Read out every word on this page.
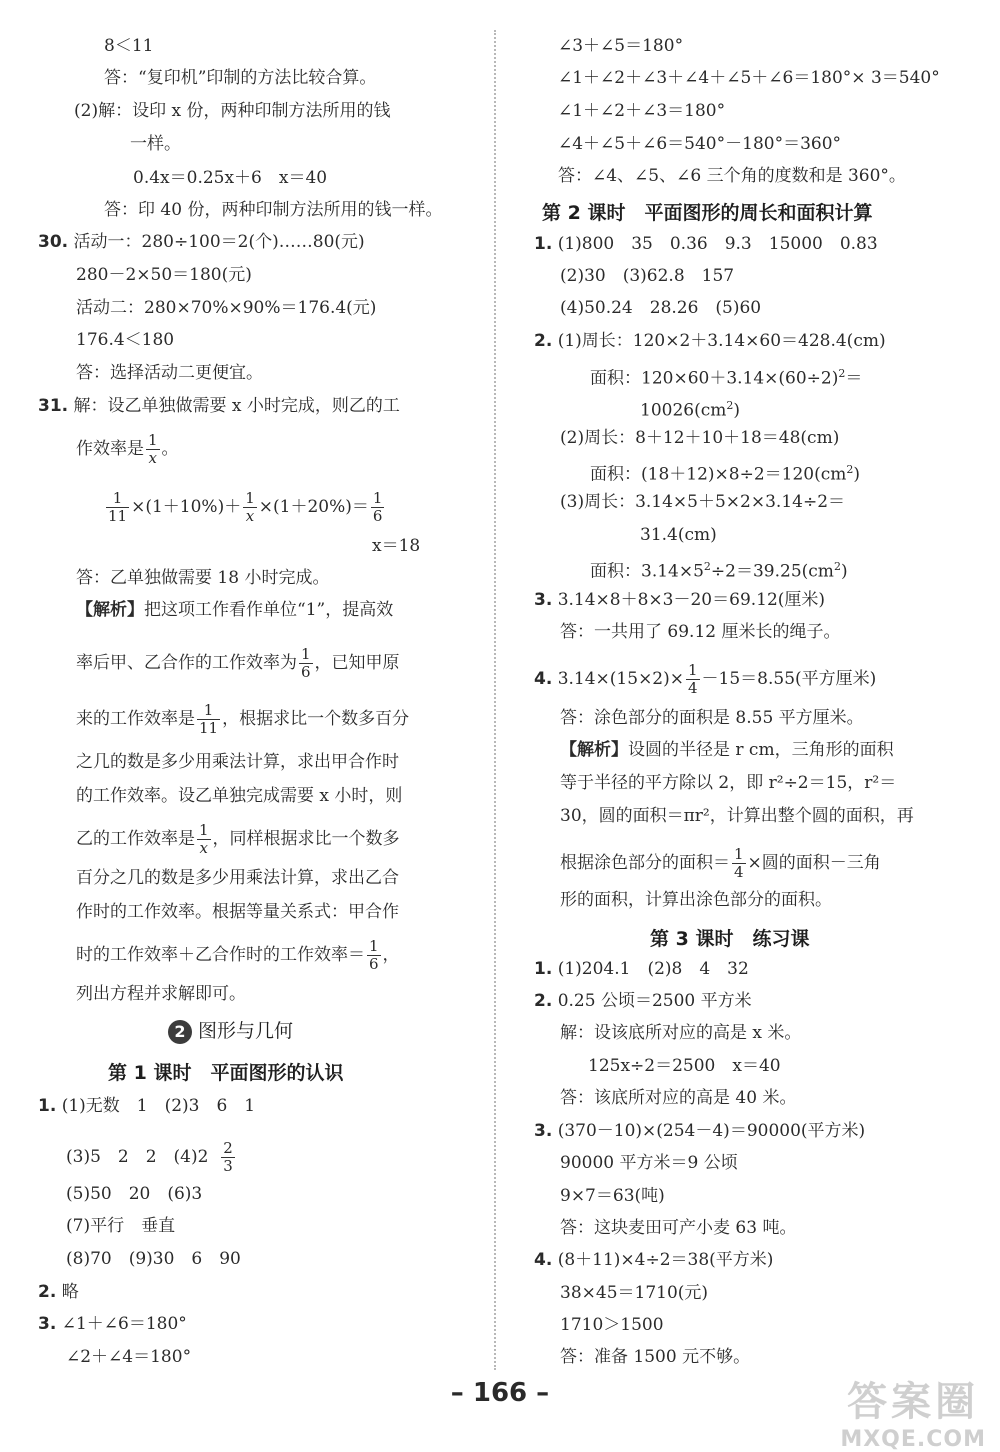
8＜11
答：“复印机”印制的方法比较合算。
(2)解：设印 x 份，两种印制方法所用的钱
一样。
0.4x＝0.25x＋6　x＝40
答：印 40 份，两种印制方法所用的钱一样。
30. 活动一：280÷100＝2(个)……80(元)
280－2×50＝180(元)
活动二：280×70%×90%＝176.4(元)
176.4＜180
答：选择活动二更便宜。
31. 解：设乙单独做需要 x 小时完成，则乙的工
作效率是 $\frac{1}{x}$ 。
$\frac{1}{11} \times(1+10\%)+ \frac{1}{x} \times(1+20\%)= \frac{1}{6}$
x＝18
答：乙单独做需要 18 小时完成。
【解析】把这项工作看作单位“1”，提高效
率后甲、乙合作的工作效率为 $\frac{1}{6}$ ，已知甲原
来的工作效率是 $\frac{1}{11}$ ，根据求比一个数多百分
之几的数是多少用乘法计算，求出甲合作时
的工作效率。设乙单独完成需要 x 小时，则
乙的工作效率是 $\frac{1}{x}$ ，同样根据求比一个数多
百分之几的数是多少用乘法计算，求出乙合
作时的工作效率。根据等量关系式：甲合作
时的工作效率＋乙合作时的工作效率＝ $\frac{1}{6}$ ，
列出方程并求解即可。
2 图形与几何
第 1 课时　平面图形的认识
1. (1)无数　1　(2)3　6　1
(3)5　2　2　$(4)2 \frac{2}{3}$
(5)50　20　(6)3
(7)平行　垂直
(8)70　(9)30　6　90
2. 略
3. ∠1＋∠6＝180°
∠2＋∠4＝180°
∠3＋∠5＝180°
∠1＋∠2＋∠3＋∠4＋∠5＋∠6＝180°× 3＝540°
∠1＋∠2＋∠3＝180°
∠4＋∠5＋∠6＝540°－180°＝360°
答：∠4、∠5、∠6 三个角的度数和是 360°。
第 2 课时　平面图形的周长和面积计算
1. (1)800　35　0.36　9.3　15000　0.83
(2)30　(3)62.8　157
(4)50.24　28.26　(5)60
2. (1)周长：120×2＋3.14×60＝428.4(cm)
面积：$120\times 60+3.14\times(60\div 2)^2=$
$10026(cm^2)$
(2)周长：8＋12＋10＋18＝48(cm)
面积：$(18+12)\times 8\div 2=120(cm^2)$
(3)周长：3.14×5＋5×2×3.14÷2＝
31.4(cm)
面积：$3.14\times 5^2\div 2=39.25(cm^2)$
3. 3.14×8＋8×3－20＝69.12(厘米)
答：一共用了 69.12 厘米长的绳子。
4. $3.14\times(15\times 2)\times \frac{1}{4} -15=8.55$(平方厘米)
答：涂色部分的面积是 8.55 平方厘米。
【解析】设圆的半径是 r cm，三角形的面积
等于半径的平方除以 2，即 r²÷2＝15，r²＝
30，圆的面积＝πr²，计算出整个圆的面积，再
根据涂色部分的面积＝ $\frac{1}{4}$ ×圆的面积－三角
形的面积，计算出涂色部分的面积。
第 3 课时　练习课
1. (1)204.1　(2)8　4　32
2. 0.25 公顷＝2500 平方米
解：设该底所对应的高是 x 米。
125x÷2＝2500　x＝40
答：该底所对应的高是 40 米。
3. (370－10)×(254－4)＝90000(平方米)
90000 平方米＝9 公顷
9×7＝63(吨)
答：这块麦田可产小麦 63 吨。
4. (8＋11)×4÷2＝38(平方米)
38×45＝1710(元)
1710＞1500
答：准备 1500 元不够。
– 166 –	答案圈
MXQE.COM
